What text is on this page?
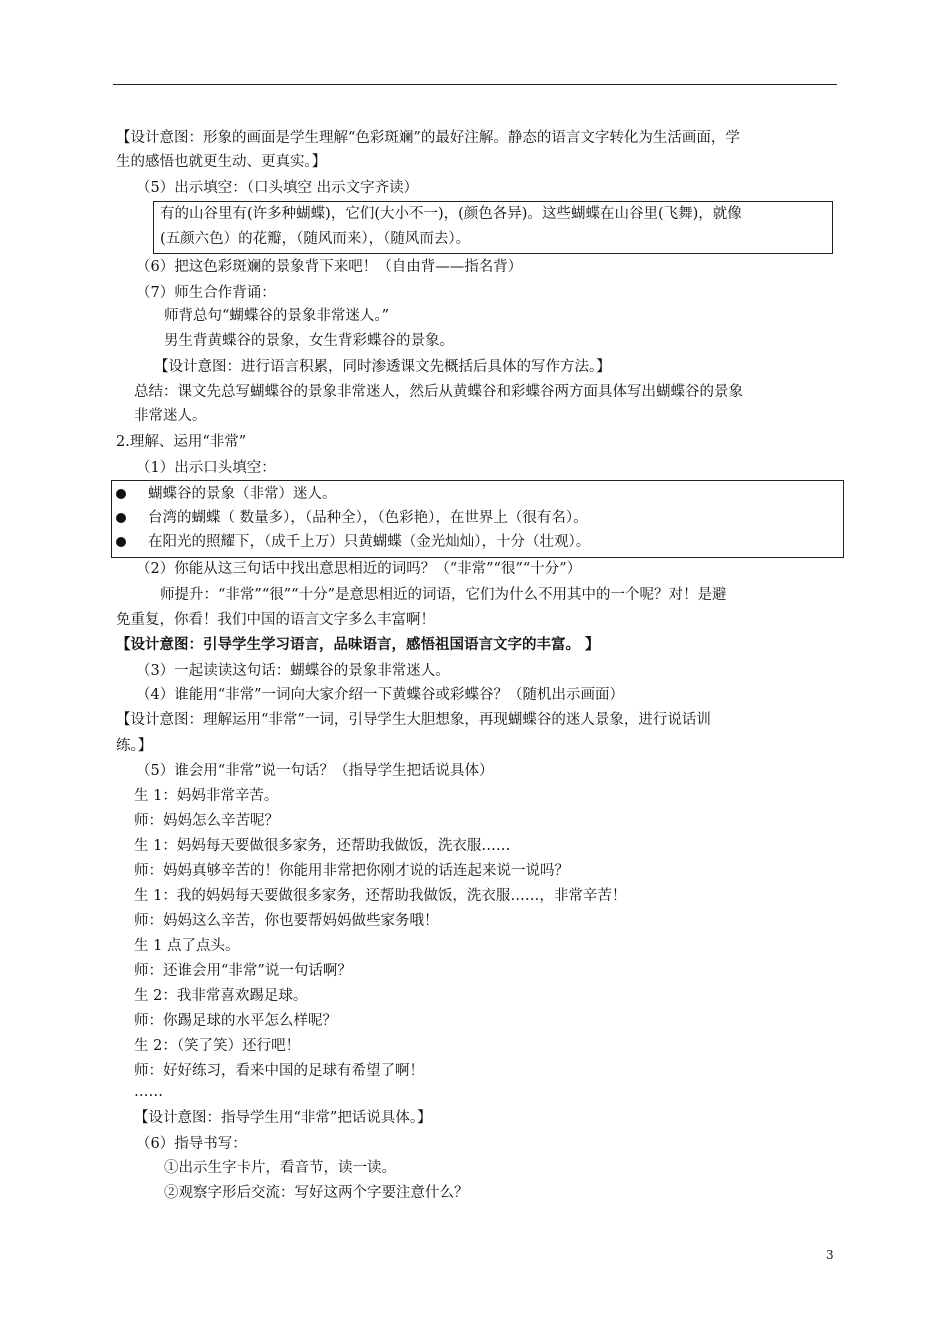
【设计意图：形象的画面是学生理解“色彩斑斓”的最好注解。静态的语言文字转化为生活画面，学
生的感悟也就更生动、更真实。】
（5）出示填空：（口头填空 出示文字齐读）
有的山谷里有(许多种蝴蝶)，它们(大小不一)，(颜色各异)。这些蝴蝶在山谷里(飞舞)，就像
(五颜六色）的花瓣，（随风而来），（随风而去）。
（6）把这色彩斑斓的景象背下来吧！（自由背——指名背）
（7）师生合作背诵：
师背总句“蝴蝶谷的景象非常迷人。”
男生背黄蝶谷的景象，女生背彩蝶谷的景象。
【设计意图：进行语言积累，同时渗透课文先概括后具体的写作方法。】
总结：课文先总写蝴蝶谷的景象非常迷人，然后从黄蝶谷和彩蝶谷两方面具体写出蝴蝶谷的景象
非常迷人。
2.理解、运用“非常”
（1）出示口头填空：
蝴蝶谷的景象（非常）迷人。
台湾的蝴蝶（ 数量多），（品种全），（色彩艳），在世界上（很有名）。
在阳光的照耀下，（成千上万）只黄蝴蝶（金光灿灿），十分（壮观）。
（2）你能从这三句话中找出意思相近的词吗？（“非常”“很”“十分”）
师提升：“非常”“很”“十分”是意思相近的词语，它们为什么不用其中的一个呢？对！是避
免重复，你看！我们中国的语言文字多么丰富啊！
【设计意图：引导学生学习语言，品味语言，感悟祖国语言文字的丰富。 】
（3）一起读读这句话：蝴蝶谷的景象非常迷人。
（4）谁能用“非常”一词向大家介绍一下黄蝶谷或彩蝶谷？（随机出示画面）
【设计意图：理解运用“非常”一词，引导学生大胆想象，再现蝴蝶谷的迷人景象，进行说话训
练。】
（5）谁会用“非常”说一句话？（指导学生把话说具体）
生 1：妈妈非常辛苦。
师：妈妈怎么辛苦呢？
生 1：妈妈每天要做很多家务，还帮助我做饭，洗衣服……
师：妈妈真够辛苦的！你能用非常把你刚才说的话连起来说一说吗？
生 1：我的妈妈每天要做很多家务，还帮助我做饭，洗衣服……，非常辛苦！
师：妈妈这么辛苦，你也要帮妈妈做些家务哦！
生 1 点了点头。
师：还谁会用“非常”说一句话啊？
生 2：我非常喜欢踢足球。
师：你踢足球的水平怎么样呢？
生 2：（笑了笑）还行吧！
师：好好练习，看来中国的足球有希望了啊！
……
【设计意图：指导学生用“非常”把话说具体。】
（6）指导书写：
①出示生字卡片，看音节，读一读。
②观察字形后交流：写好这两个字要注意什么？
3
